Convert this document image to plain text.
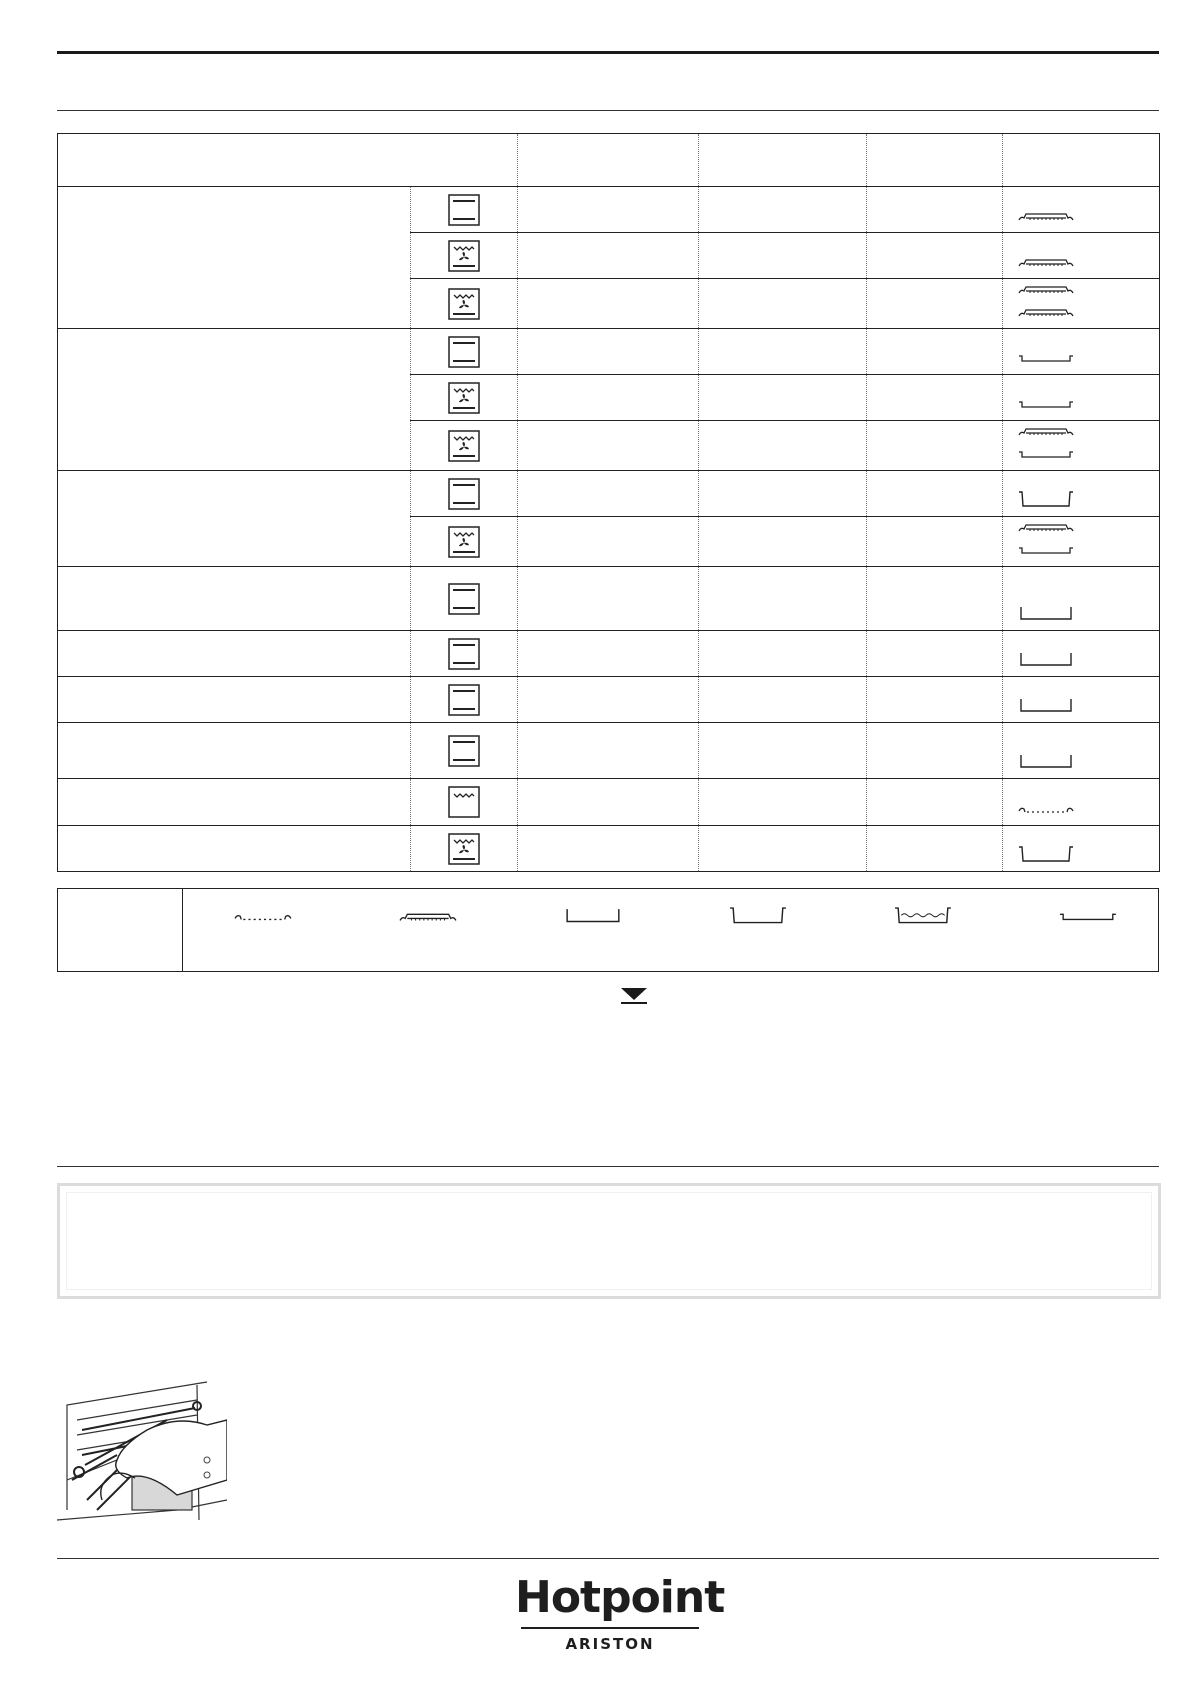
Hotpoint
ARISTON
